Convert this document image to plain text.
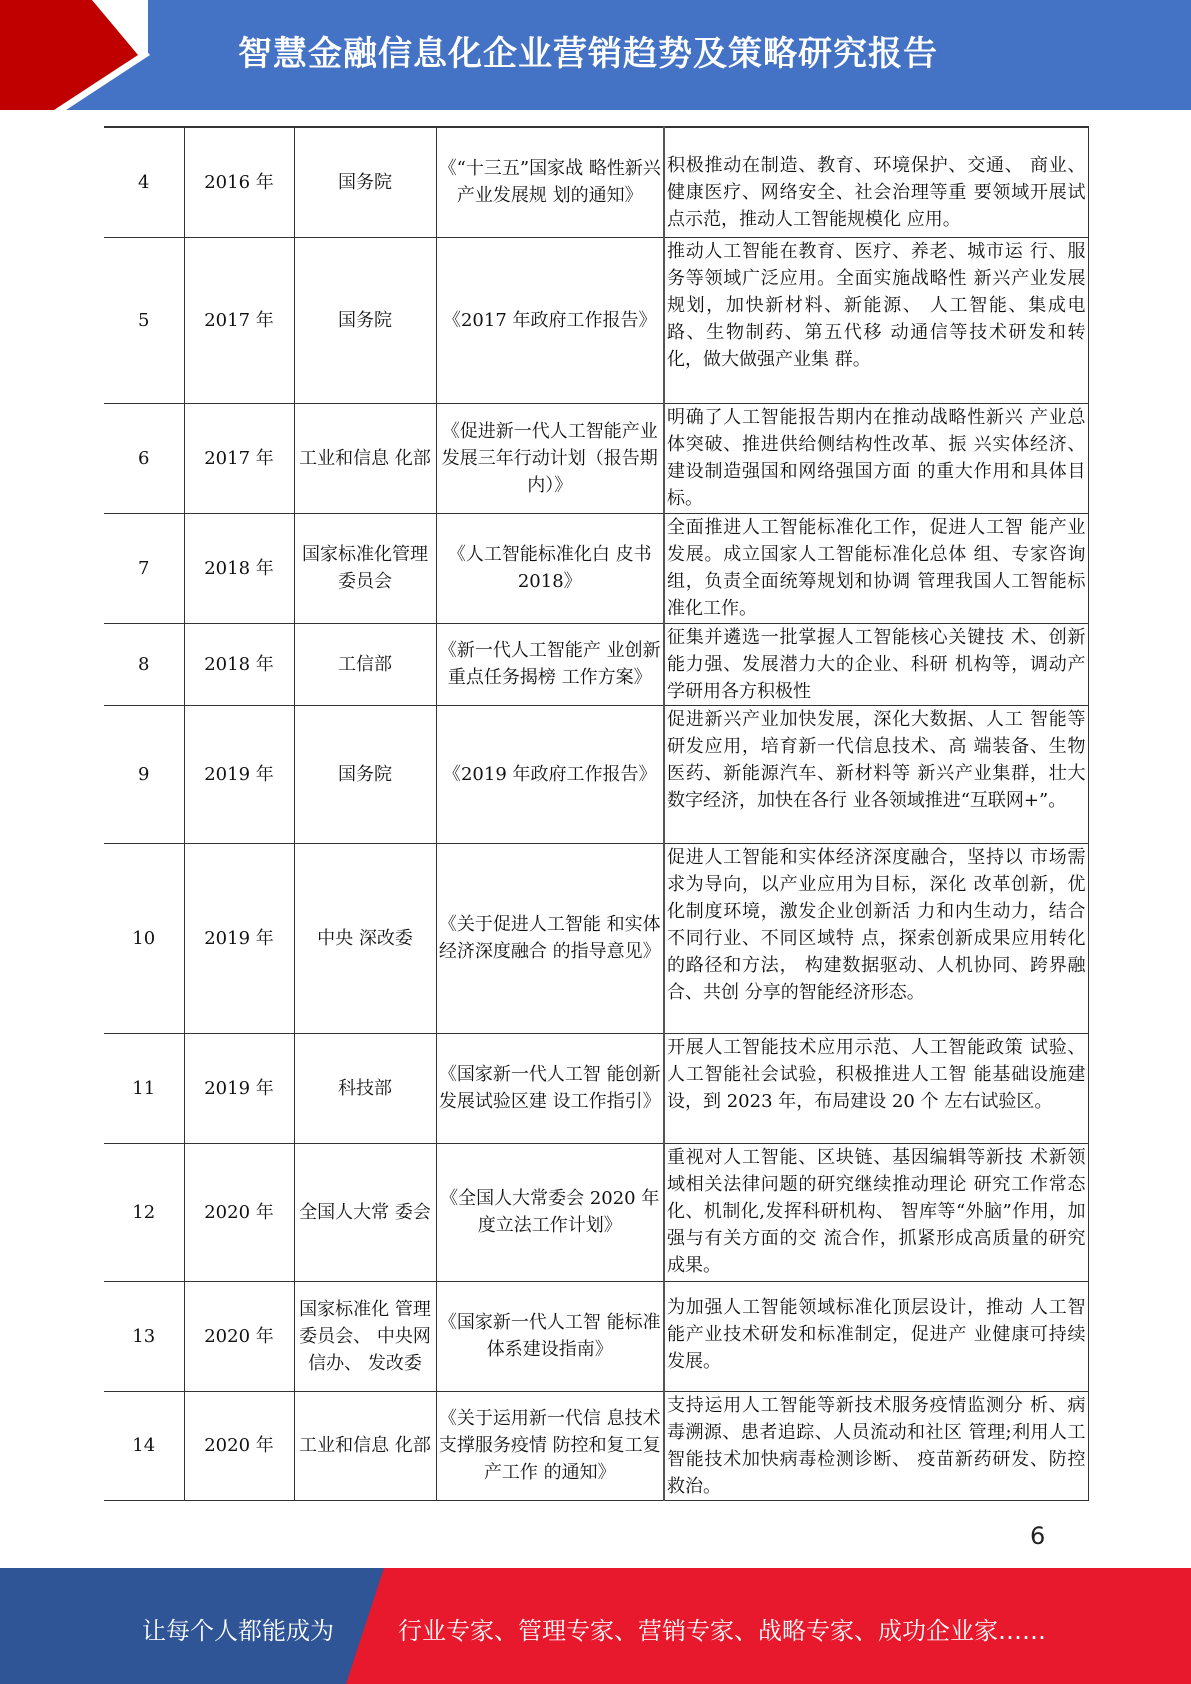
智慧金融信息化企业营销趋势及策略研究报告
4	2016 年	国务院	《“十三五”国家战 略性新兴产业发展规 划的通知》	积极推动在制造、教育、环境保护、交通、 商业、健康医疗、网络安全、社会治理等重 要领域开展试点示范，推动人工智能规模化 应用。
5	2017 年	国务院	《2017 年政府工作报告》	推动人工智能在教育、医疗、养老、城市运 行、服务等领域广泛应用。全面实施战略性 新兴产业发展规划，加快新材料、新能源、 人工智能、集成电路、生物制药、第五代移 动通信等技术研发和转化，做大做强产业集 群。
6	2017 年	工业和信息 化部	《促进新一代人工智能产业发展三年行动计划（报告期内）》	明确了人工智能报告期内在推动战略性新兴 产业总体突破、推进供给侧结构性改革、振 兴实体经济、建设制造强国和网络强国方面 的重大作用和具体目标。
7	2018 年	国家标准化管理委员会	《人工智能标准化白 皮书 2018》	全面推进人工智能标准化工作，促进人工智 能产业发展。成立国家人工智能标准化总体 组、专家咨询组，负责全面统筹规划和协调 管理我国人工智能标准化工作。
8	2018 年	工信部	《新一代人工智能产 业创新重点任务揭榜 工作方案》	征集并遴选一批掌握人工智能核心关键技 术、创新能力强、发展潜力大的企业、科研 机构等，调动产学研用各方积极性
9	2019 年	国务院	《2019 年政府工作报告》	促进新兴产业加快发展，深化大数据、人工 智能等研发应用，培育新一代信息技术、高 端装备、生物医药、新能源汽车、新材料等 新兴产业集群，壮大数字经济，加快在各行 业各领域推进“互联网+”。
10	2019 年	中央 深改委	《关于促进人工智能 和实体经济深度融合 的指导意见》	促进人工智能和实体经济深度融合，坚持以 市场需求为导向，以产业应用为目标，深化 改革创新，优化制度环境，激发企业创新活 力和内生动力，结合不同行业、不同区域特 点，探索创新成果应用转化的路径和方法， 构建数据驱动、人机协同、跨界融合、共创 分享的智能经济形态。
11	2019 年	科技部	《国家新一代人工智 能创新发展试验区建 设工作指引》	开展人工智能技术应用示范、人工智能政策 试验、人工智能社会试验，积极推进人工智 能基础设施建设，到 2023 年，布局建设 20 个 左右试验区。
12	2020 年	全国人大常 委会	《全国人大常委会 2020 年度立法工作计划》	重视对人工智能、区块链、基因编辑等新技 术新领域相关法律问题的研究继续推动理论 研究工作常态化、机制化,发挥科研机构、 智库等“外脑”作用，加强与有关方面的交 流合作，抓紧形成高质量的研究成果。
13	2020 年	国家标准化 管理委员会、 中央网信办、 发改委	《国家新一代人工智 能标准体系建设指南》	为加强人工智能领域标准化顶层设计，推动 人工智能产业技术研发和标准制定，促进产 业健康可持续发展。
14	2020 年	工业和信息 化部	《关于运用新一代信 息技术支撑服务疫情 防控和复工复产工作 的通知》	支持运用人工智能等新技术服务疫情监测分 析、病毒溯源、患者追踪、人员流动和社区 管理;利用人工智能技术加快病毒检测诊断、 疫苗新药研发、防控救治。
6
让每个人都能成为	行业专家、管理专家、营销专家、战略专家、成功企业家……
